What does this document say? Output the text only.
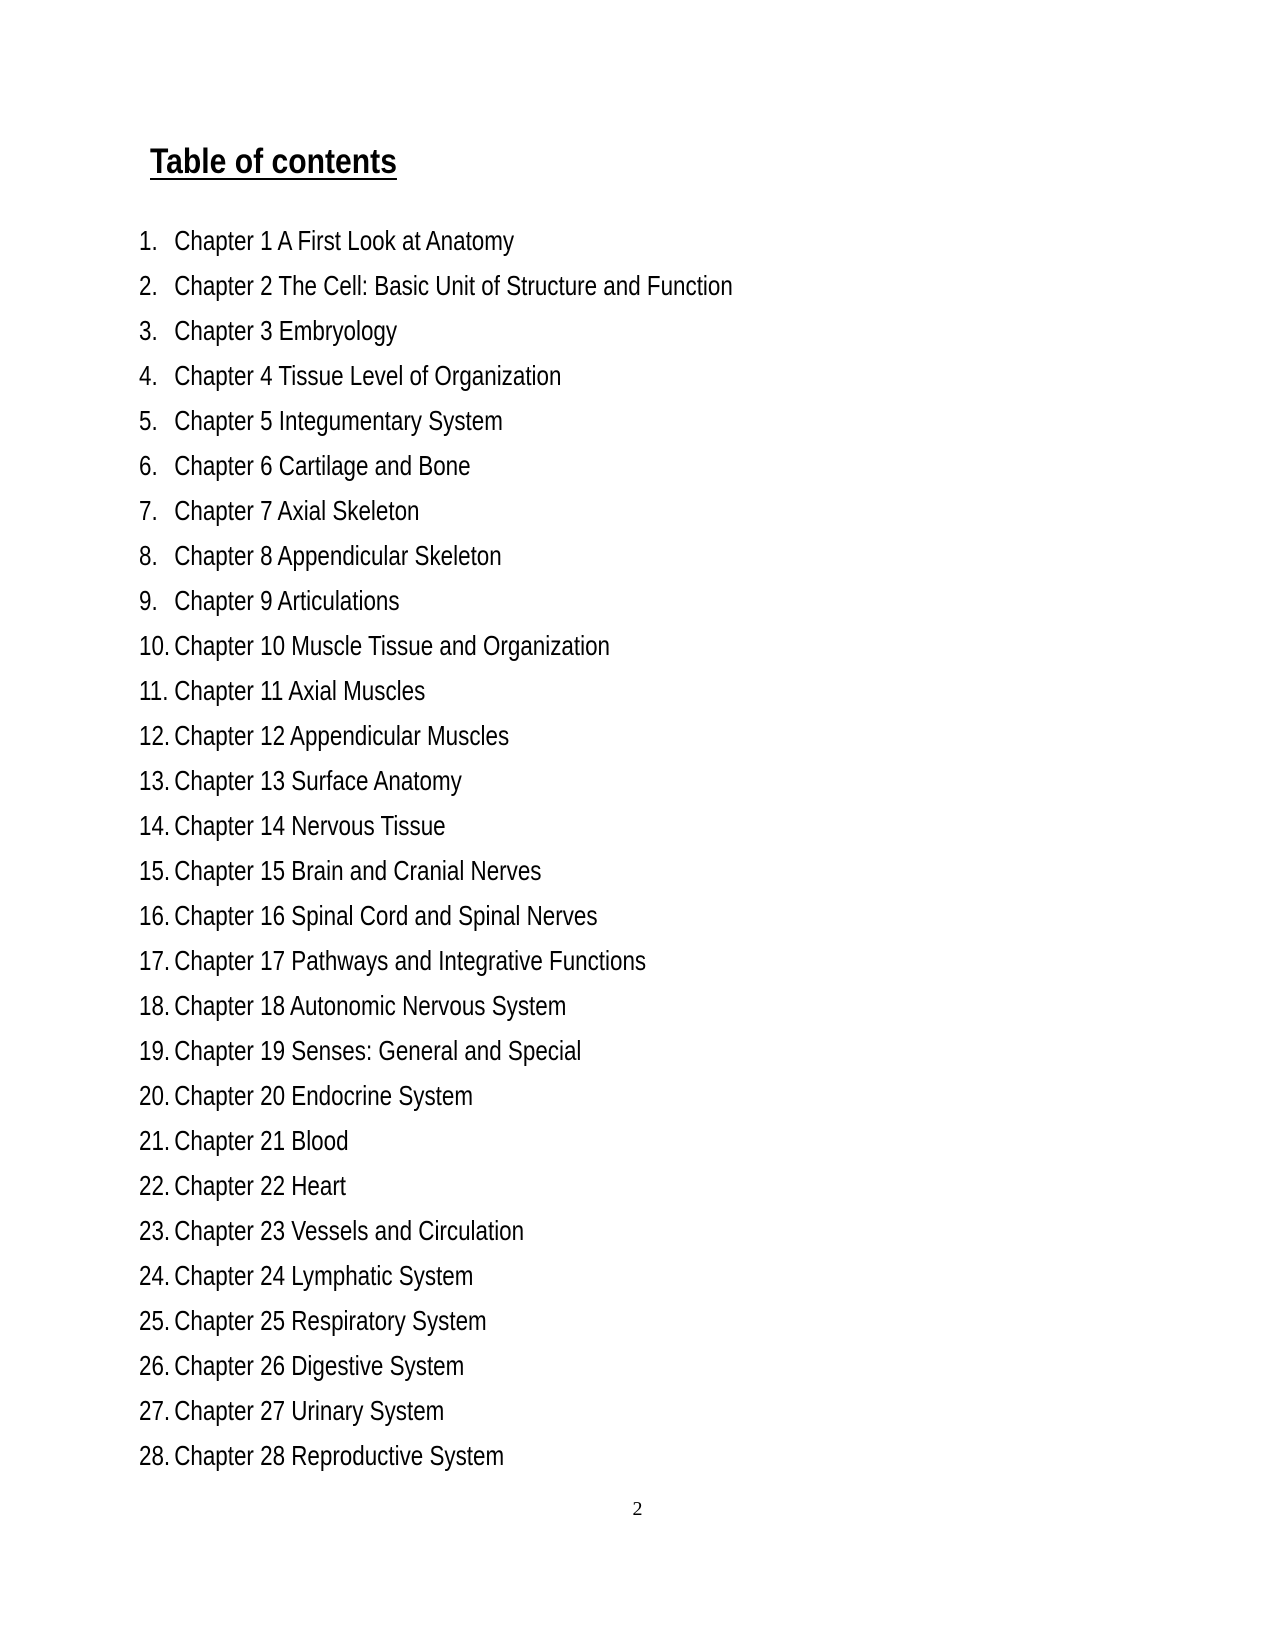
Table of contents
1. Chapter 1 A First Look at Anatomy
2. Chapter 2 The Cell: Basic Unit of Structure and Function
3. Chapter 3 Embryology
4. Chapter 4 Tissue Level of Organization
5. Chapter 5 Integumentary System
6. Chapter 6 Cartilage and Bone
7. Chapter 7 Axial Skeleton
8. Chapter 8 Appendicular Skeleton
9. Chapter 9 Articulations
10. Chapter 10 Muscle Tissue and Organization
11. Chapter 11 Axial Muscles
12. Chapter 12 Appendicular Muscles
13. Chapter 13 Surface Anatomy
14. Chapter 14 Nervous Tissue
15. Chapter 15 Brain and Cranial Nerves
16. Chapter 16 Spinal Cord and Spinal Nerves
17. Chapter 17 Pathways and Integrative Functions
18. Chapter 18 Autonomic Nervous System
19. Chapter 19 Senses: General and Special
20. Chapter 20 Endocrine System
21. Chapter 21 Blood
22. Chapter 22 Heart
23. Chapter 23 Vessels and Circulation
24. Chapter 24 Lymphatic System
25. Chapter 25 Respiratory System
26. Chapter 26 Digestive System
27. Chapter 27 Urinary System
28. Chapter 28 Reproductive System
2
